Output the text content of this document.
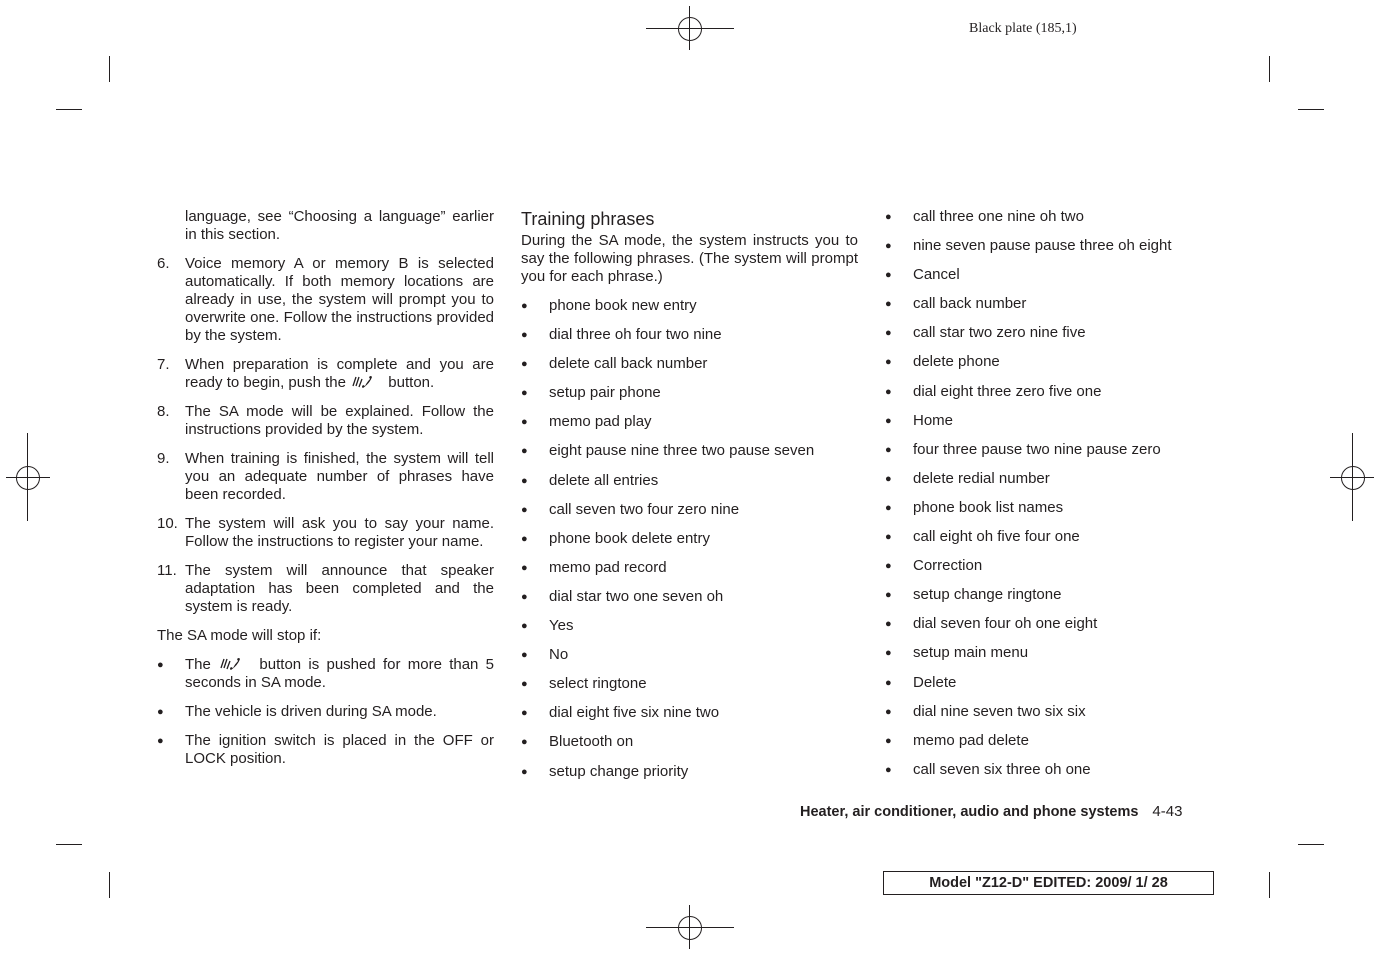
Black plate (185,1)

language, see “Choosing a language” earlier in this section.

6.	Voice memory A or memory B is selected automatically. If both memory locations are already in use, the system will prompt you to overwrite one. Follow the instructions provided by the system.
7.	When preparation is complete and you are ready to begin, push the	button.
8.	The SA mode will be explained. Follow the instructions provided by the system.
9.	When training is finished, the system will tell you an adequate number of phrases have been recorded.
10. The system will ask you to say your name. Follow the instructions to register your name.
11. The system will announce that speaker adaptation has been completed and the system is ready.

The SA mode will stop if:

●	The	button is pushed for more than 5 seconds in SA mode.
●	The vehicle is driven during SA mode.
●	The ignition switch is placed in the OFF or LOCK position.
Training phrases

During the SA mode, the system instructs you to say the following phrases. (The system will prompt you for each phrase.)

●	phone book new entry
●	dial three oh four two nine
●	delete call back number
●	setup pair phone
●	memo pad play
●	eight pause nine three two pause seven
●	delete all entries
●	call seven two four zero nine
●	phone book delete entry
●	memo pad record
●	dial star two one seven oh
●	Yes
●	No
●	select ringtone
●	dial eight five six nine two
●	Bluetooth on
●	setup change priority
●	call three one nine oh two
●	nine seven pause pause three oh eight
●	Cancel
●	call back number
●	call star two zero nine five
●	delete phone
●	dial eight three zero five one
●	Home
●	four three pause two nine pause zero
●	delete redial number
●	phone book list names
●	call eight oh five four one
●	Correction
●	setup change ringtone
●	dial seven four oh one eight
●	setup main menu
●	Delete
●	dial nine seven two six six
●	memo pad delete
●	call seven six three oh one
Heater, air conditioner, audio and phone systems 4-43
Model "Z12-D" EDITED: 2009/ 1/ 28
